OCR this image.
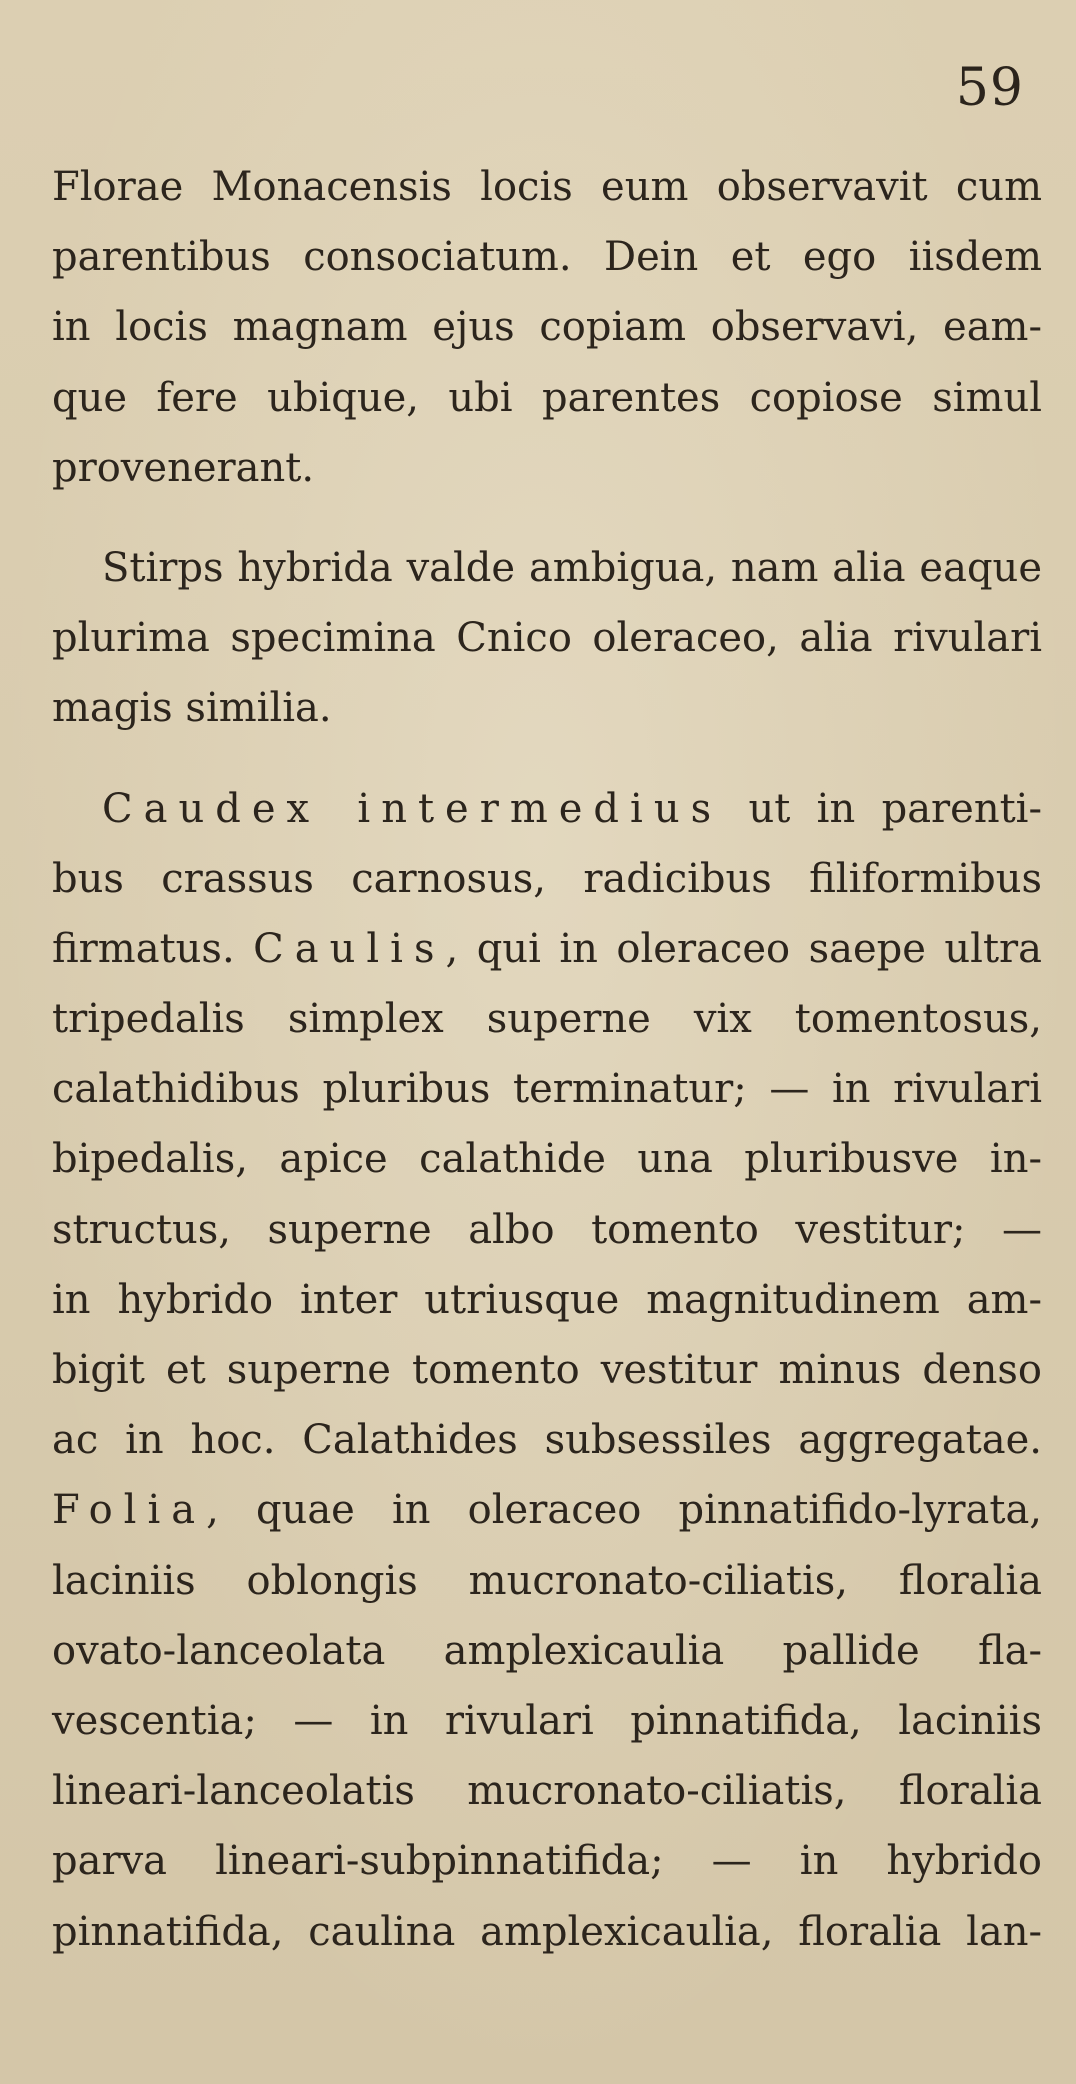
59
Florae Monacensis locis eum observavit cum
parentibus consociatum. Dein et ego iisdem
in locis magnam ejus copiam observavi, eam-
que fere ubique, ubi parentes copiose simul
provenerant.
Stirps hybrida valde ambigua, nam alia eaque
plurima specimina Cnico oleraceo, alia rivulari
magis similia.
Caudex intermedius ut in parenti-
bus crassus carnosus, radicibus filiformibus
firmatus. Caulis, qui in oleraceo saepe ultra
tripedalis simplex superne vix tomentosus,
calathidibus pluribus terminatur; — in rivulari
bipedalis, apice calathide una pluribusve in-
structus, superne albo tomento vestitur; —
in hybrido inter utriusque magnitudinem am-
bigit et superne tomento vestitur minus denso
ac in hoc. Calathides subsessiles aggregatae.
Folia, quae in oleraceo pinnatifido-lyrata,
laciniis oblongis mucronato-ciliatis, floralia
ovato-lanceolata amplexicaulia pallide fla-
vescentia; — in rivulari pinnatifida, laciniis
lineari-lanceolatis mucronato-ciliatis, floralia
parva lineari-subpinnatifida; — in hybrido
pinnatifida, caulina amplexicaulia, floralia lan-
